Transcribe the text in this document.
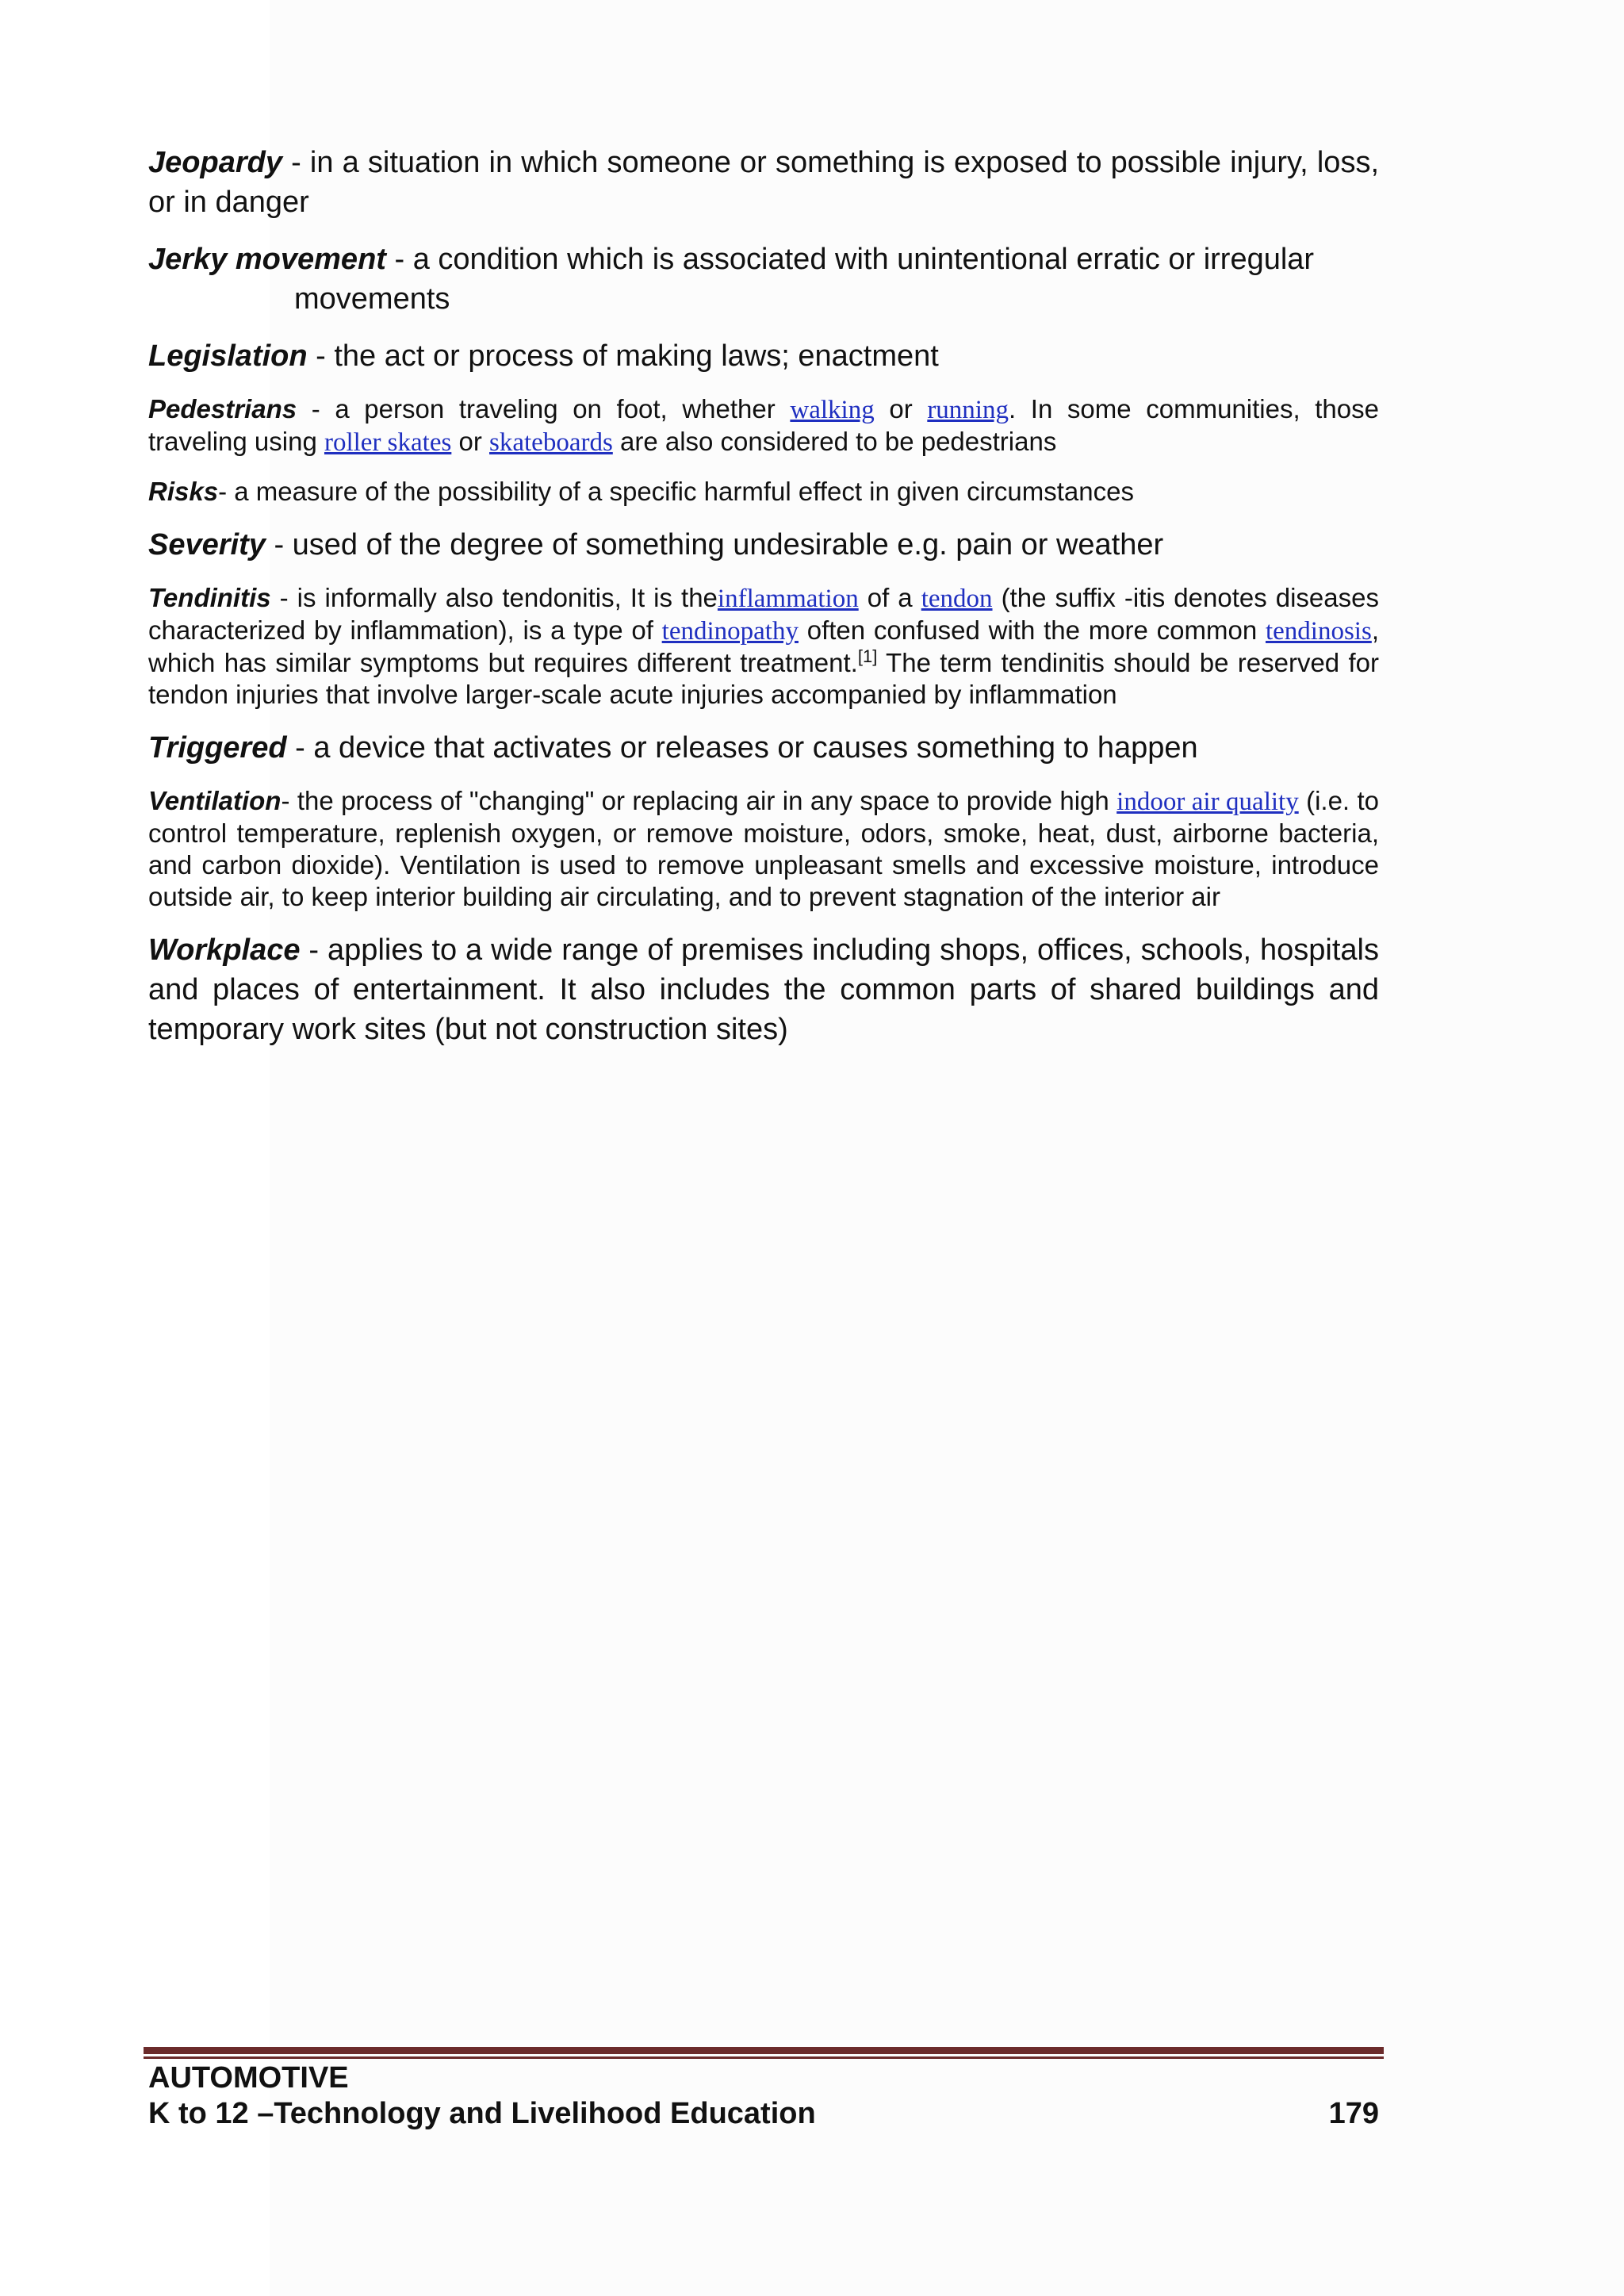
Jeopardy - in a situation in which someone or something is exposed to possible injury, loss, or in danger

Jerky movement - a condition which is associated with unintentional erratic or irregular
movements

Legislation - the act or process of making laws; enactment

Pedestrians - a person traveling on foot, whether walking or running. In some communities, those traveling using roller skates or skateboards are also considered to be pedestrians

Risks- a measure of the possibility of a specific harmful effect in given circumstances

Severity - used of the degree of something undesirable e.g. pain or weather

Tendinitis - is informally also tendonitis, It is theinflammation of a tendon (the suffix -itis denotes diseases characterized by inflammation), is a type of tendinopathy often confused with the more common tendinosis, which has similar symptoms but requires different treatment.[1] The term tendinitis should be reserved for tendon injuries that involve larger-scale acute injuries accompanied by inflammation

Triggered - a device that activates or releases or causes something to happen

Ventilation- the process of "changing" or replacing air in any space to provide high indoor air quality (i.e. to control temperature, replenish oxygen, or remove moisture, odors, smoke, heat, dust, airborne bacteria, and carbon dioxide). Ventilation is used to remove unpleasant smells and excessive moisture, introduce outside air, to keep interior building air circulating, and to prevent stagnation of the interior air

Workplace - applies to a wide range of premises including shops, offices, schools, hospitals and places of entertainment. It also includes the common parts of shared buildings and temporary work sites (but not construction sites)

AUTOMOTIVE
K to 12 –Technology and Livelihood Education	179
